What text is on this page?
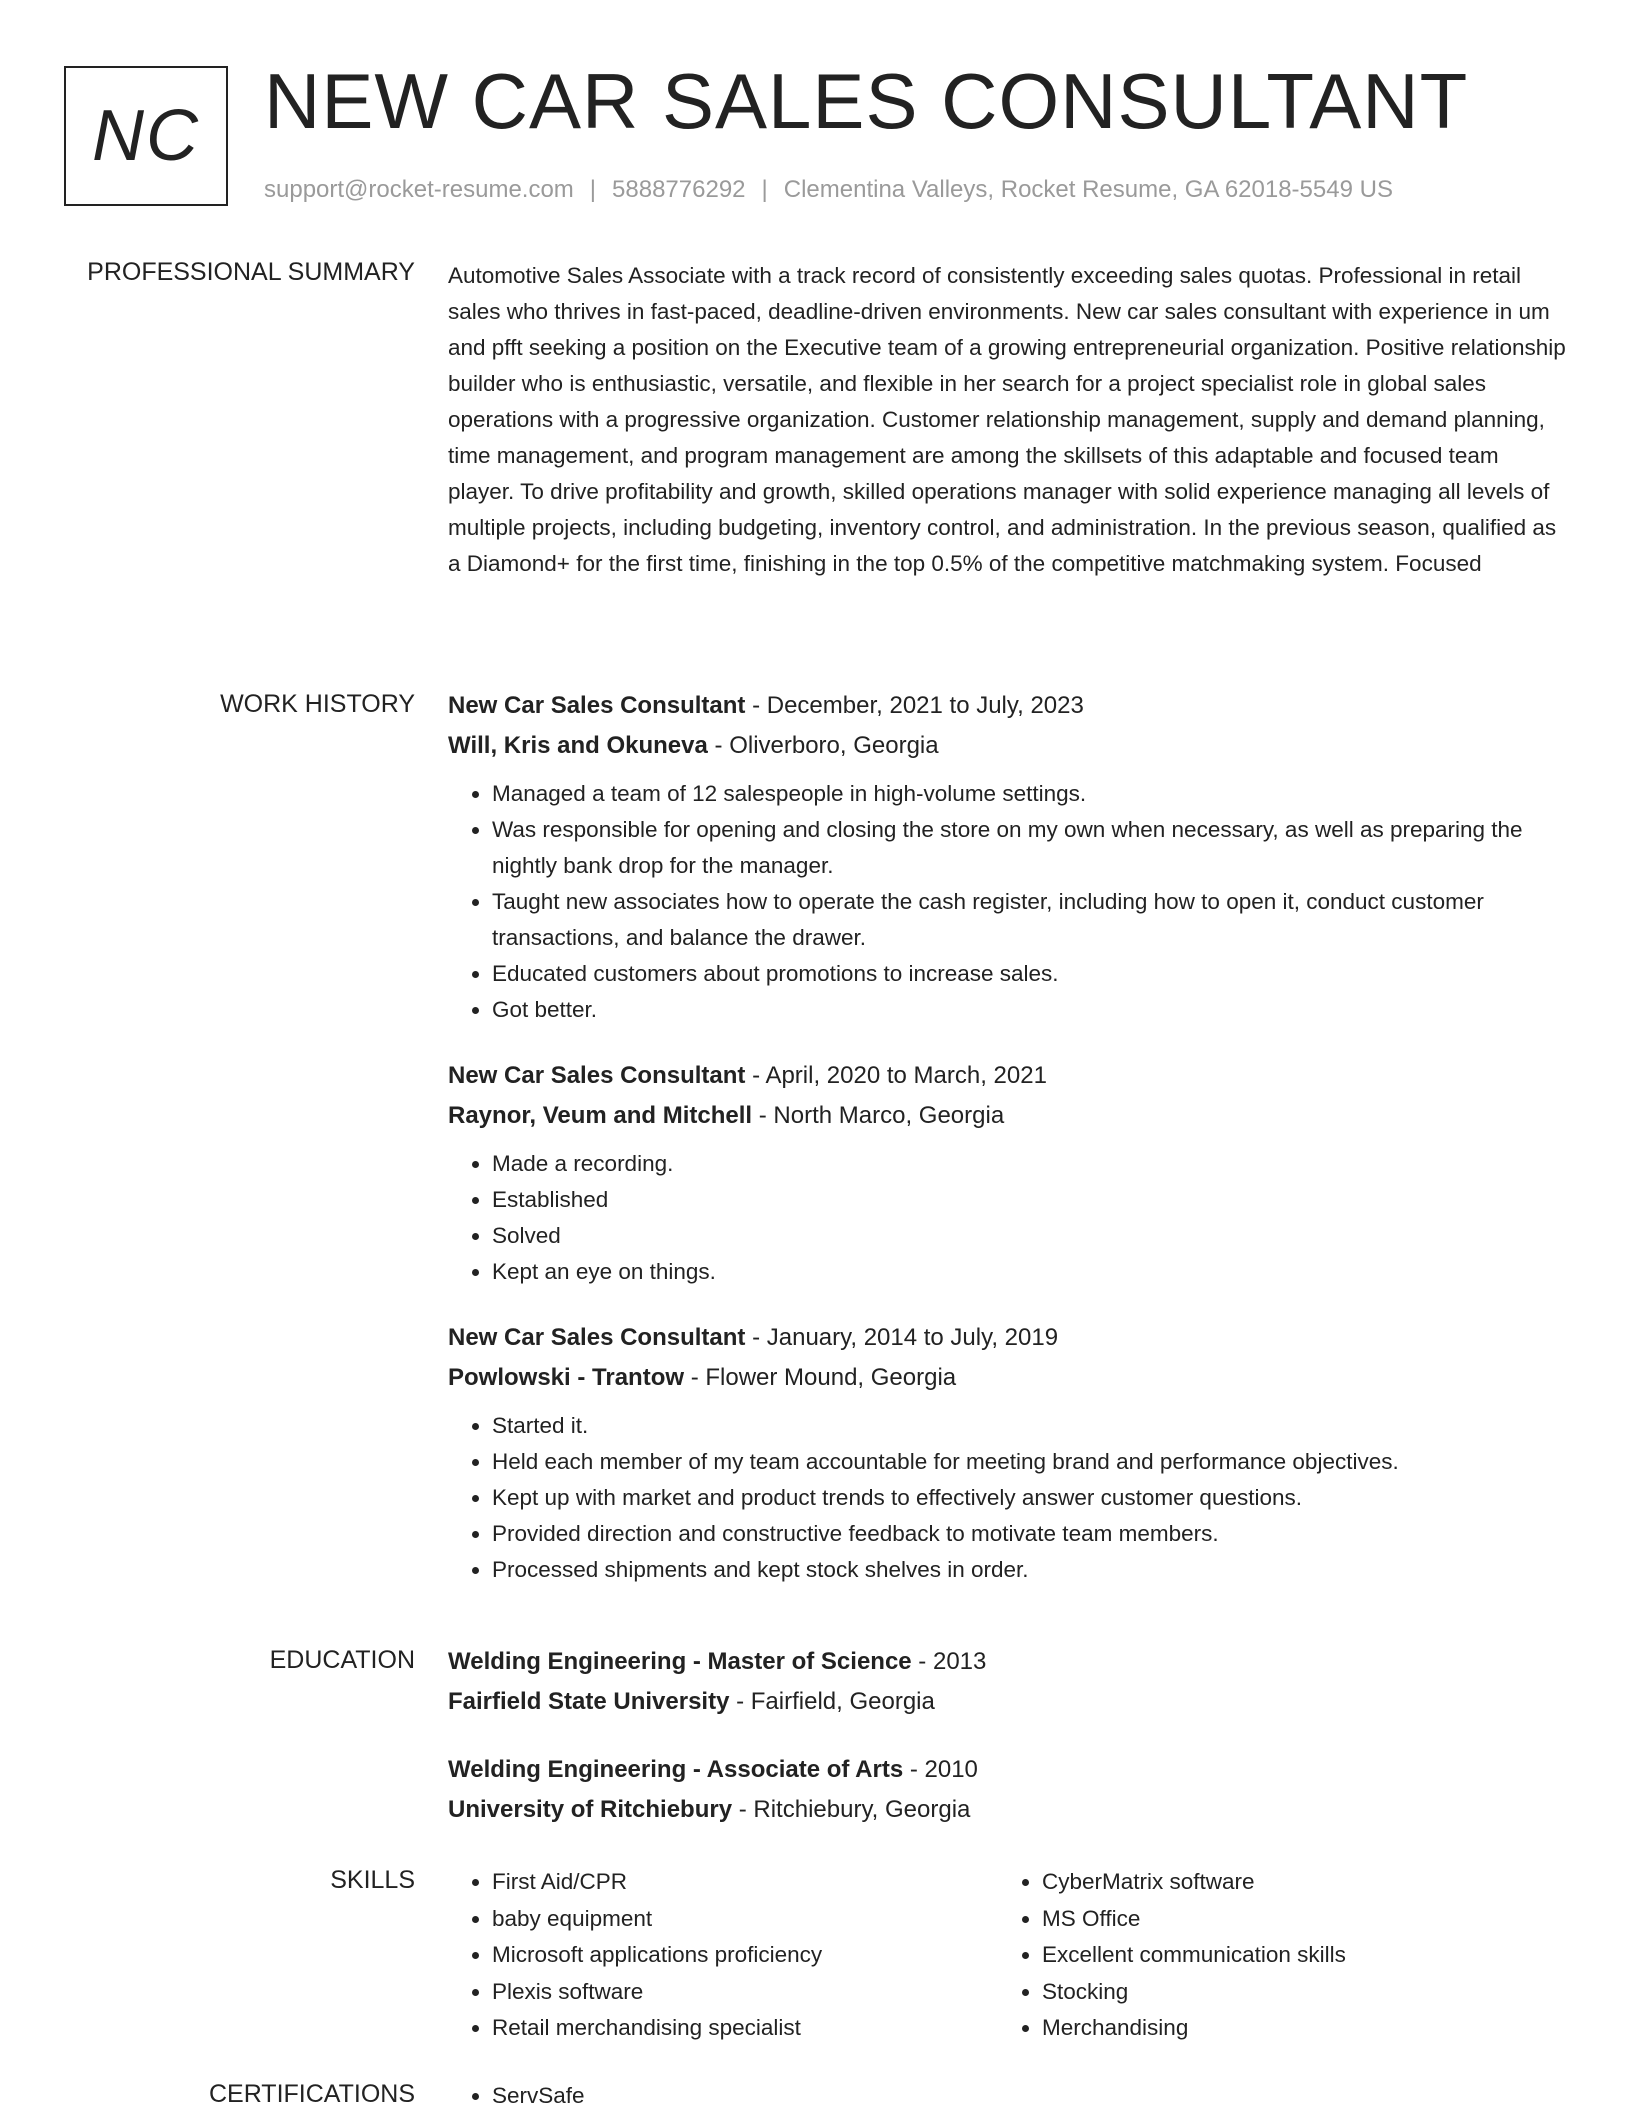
NC NEW CAR SALES CONSULTANT
support@rocket-resume.com | 5888776292 | Clementina Valleys, Rocket Resume, GA 62018-5549 US
PROFESSIONAL SUMMARY Automotive Sales Associate with a track record of consistently exceeding sales quotas. Professional in retail sales who thrives in fast-paced, deadline-driven environments. New car sales consultant with experience in um and pfft seeking a position on the Executive team of a growing entrepreneurial organization. Positive relationship builder who is enthusiastic, versatile, and flexible in her search for a project specialist role in global sales operations with a progressive organization. Customer relationship management, supply and demand planning, time management, and program management are among the skillsets of this adaptable and focused team player. To drive profitability and growth, skilled operations manager with solid experience managing all levels of multiple projects, including budgeting, inventory control, and administration. In the previous season, qualified as a Diamond+ for the first time, finishing in the top 0.5% of the competitive matchmaking system. Focused

WORK HISTORY New Car Sales Consultant - December, 2021 to July, 2023
Will, Kris and Okuneva - Oliverboro, Georgia
• Managed a team of 12 salespeople in high-volume settings.
• Was responsible for opening and closing the store on my own when necessary, as well as preparing the nightly bank drop for the manager.
• Taught new associates how to operate the cash register, including how to open it, conduct customer transactions, and balance the drawer.
• Educated customers about promotions to increase sales.
• Got better.
New Car Sales Consultant - April, 2020 to March, 2021
Raynor, Veum and Mitchell - North Marco, Georgia
• Made a recording.
• Established
• Solved
• Kept an eye on things.
New Car Sales Consultant - January, 2014 to July, 2019
Powlowski - Trantow - Flower Mound, Georgia
• Started it.
• Held each member of my team accountable for meeting brand and performance objectives.
• Kept up with market and product trends to effectively answer customer questions.
• Provided direction and constructive feedback to motivate team members.
• Processed shipments and kept stock shelves in order.
EDUCATION Welding Engineering - Master of Science - 2013
Fairfield State University - Fairfield, Georgia
Welding Engineering - Associate of Arts - 2010
University of Ritchiebury - Ritchiebury, Georgia
SKILLS	• First Aid/CPR
• baby equipment
• Microsoft applications proficiency
• Plexis software
• Retail merchandising specialist
• CyberMatrix software
• MS Office
• Excellent communication skills
• Stocking
• Merchandising
CERTIFICATIONS	• ServSafe
